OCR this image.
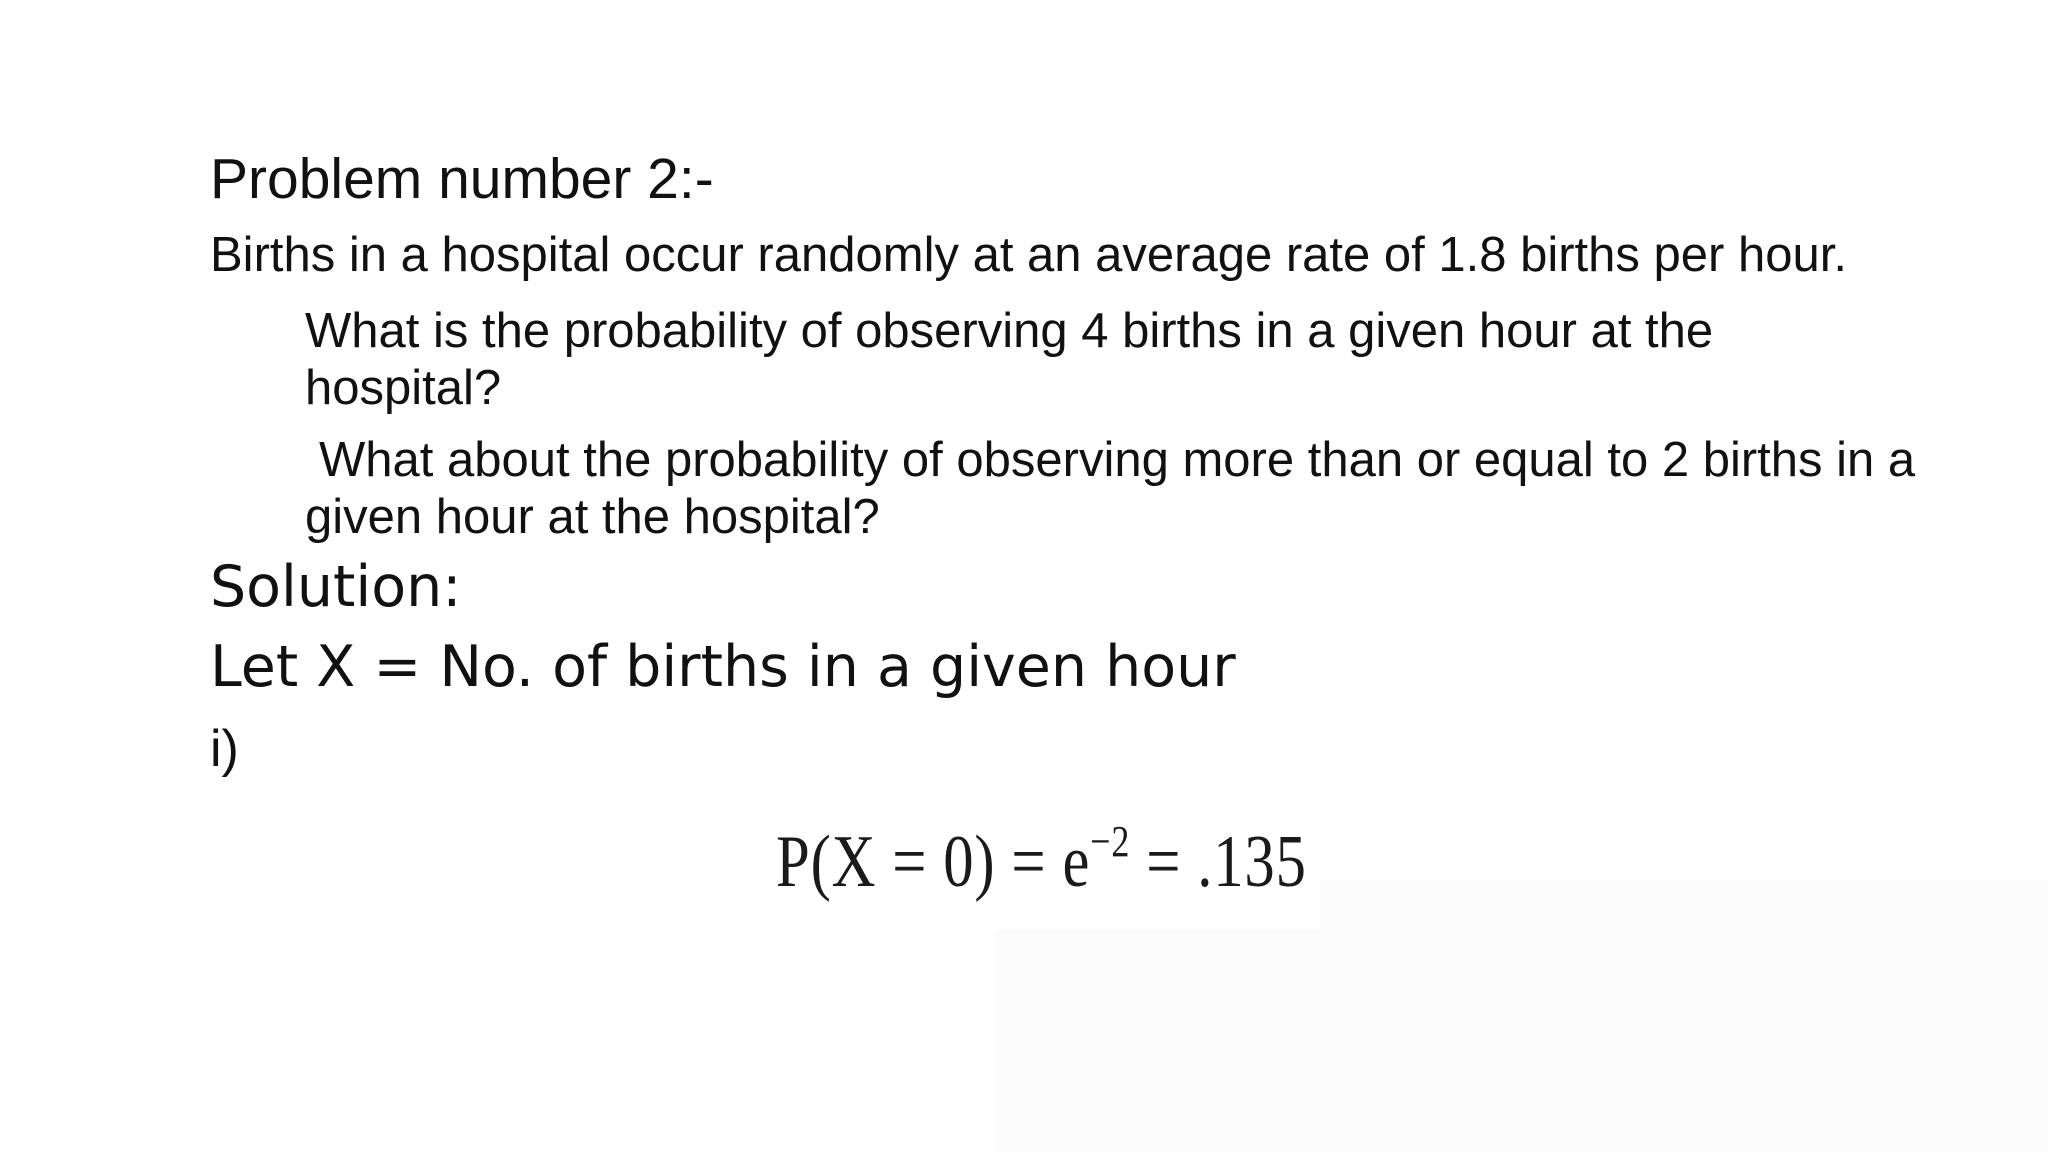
Problem number 2:-
Births in a hospital occur randomly at an average rate of 1.8 births per hour.
What is the probability of observing 4 births in a given hour at the hospital?
What about the probability of observing more than or equal to 2 births in a given hour at the hospital?
Solution:
Let X = No. of births in a given hour
i)
$P(X = 0) = e^{-2} = .135$
